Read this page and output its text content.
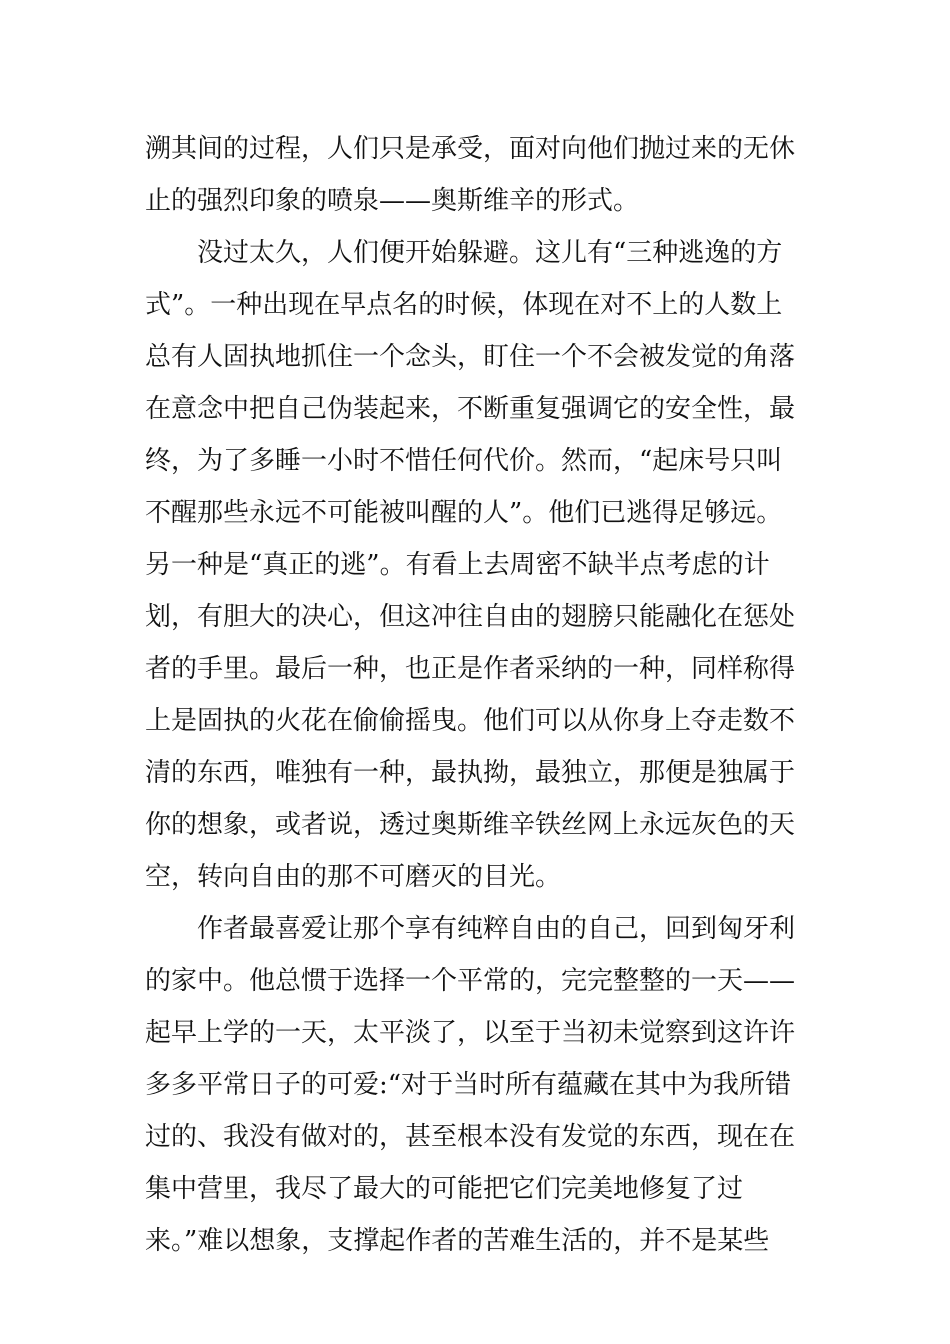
溯其间的过程，人们只是承受，面对向他们抛过来的无休
止的强烈印象的喷泉——奥斯维辛的形式。
　　没过太久，人们便开始躲避。这儿有“三种逃逸的方
式”。一种出现在早点名的时候，体现在对不上的人数上
总有人固执地抓住一个念头，盯住一个不会被发觉的角落
在意念中把自己伪装起来，不断重复强调它的安全性，最
终，为了多睡一小时不惜任何代价。然而，“起床号只叫
不醒那些永远不可能被叫醒的人”。他们已逃得足够远。
另一种是“真正的逃”。有看上去周密不缺半点考虑的计
划，有胆大的决心，但这冲往自由的翅膀只能融化在惩处
者的手里。最后一种，也正是作者采纳的一种，同样称得
上是固执的火花在偷偷摇曳。他们可以从你身上夺走数不
清的东西，唯独有一种，最执拗，最独立，那便是独属于
你的想象，或者说，透过奥斯维辛铁丝网上永远灰色的天
空，转向自由的那不可磨灭的目光。
　　作者最喜爱让那个享有纯粹自由的自己，回到匈牙利
的家中。他总惯于选择一个平常的，完完整整的一天——
起早上学的一天，太平淡了，以至于当初未觉察到这许许
多多平常日子的可爱:“对于当时所有蕴藏在其中为我所错
过的、我没有做对的，甚至根本没有发觉的东西，现在在
集中营里，我尽了最大的可能把它们完美地修复了过
来。”难以想象，支撑起作者的苦难生活的，并不是某些
